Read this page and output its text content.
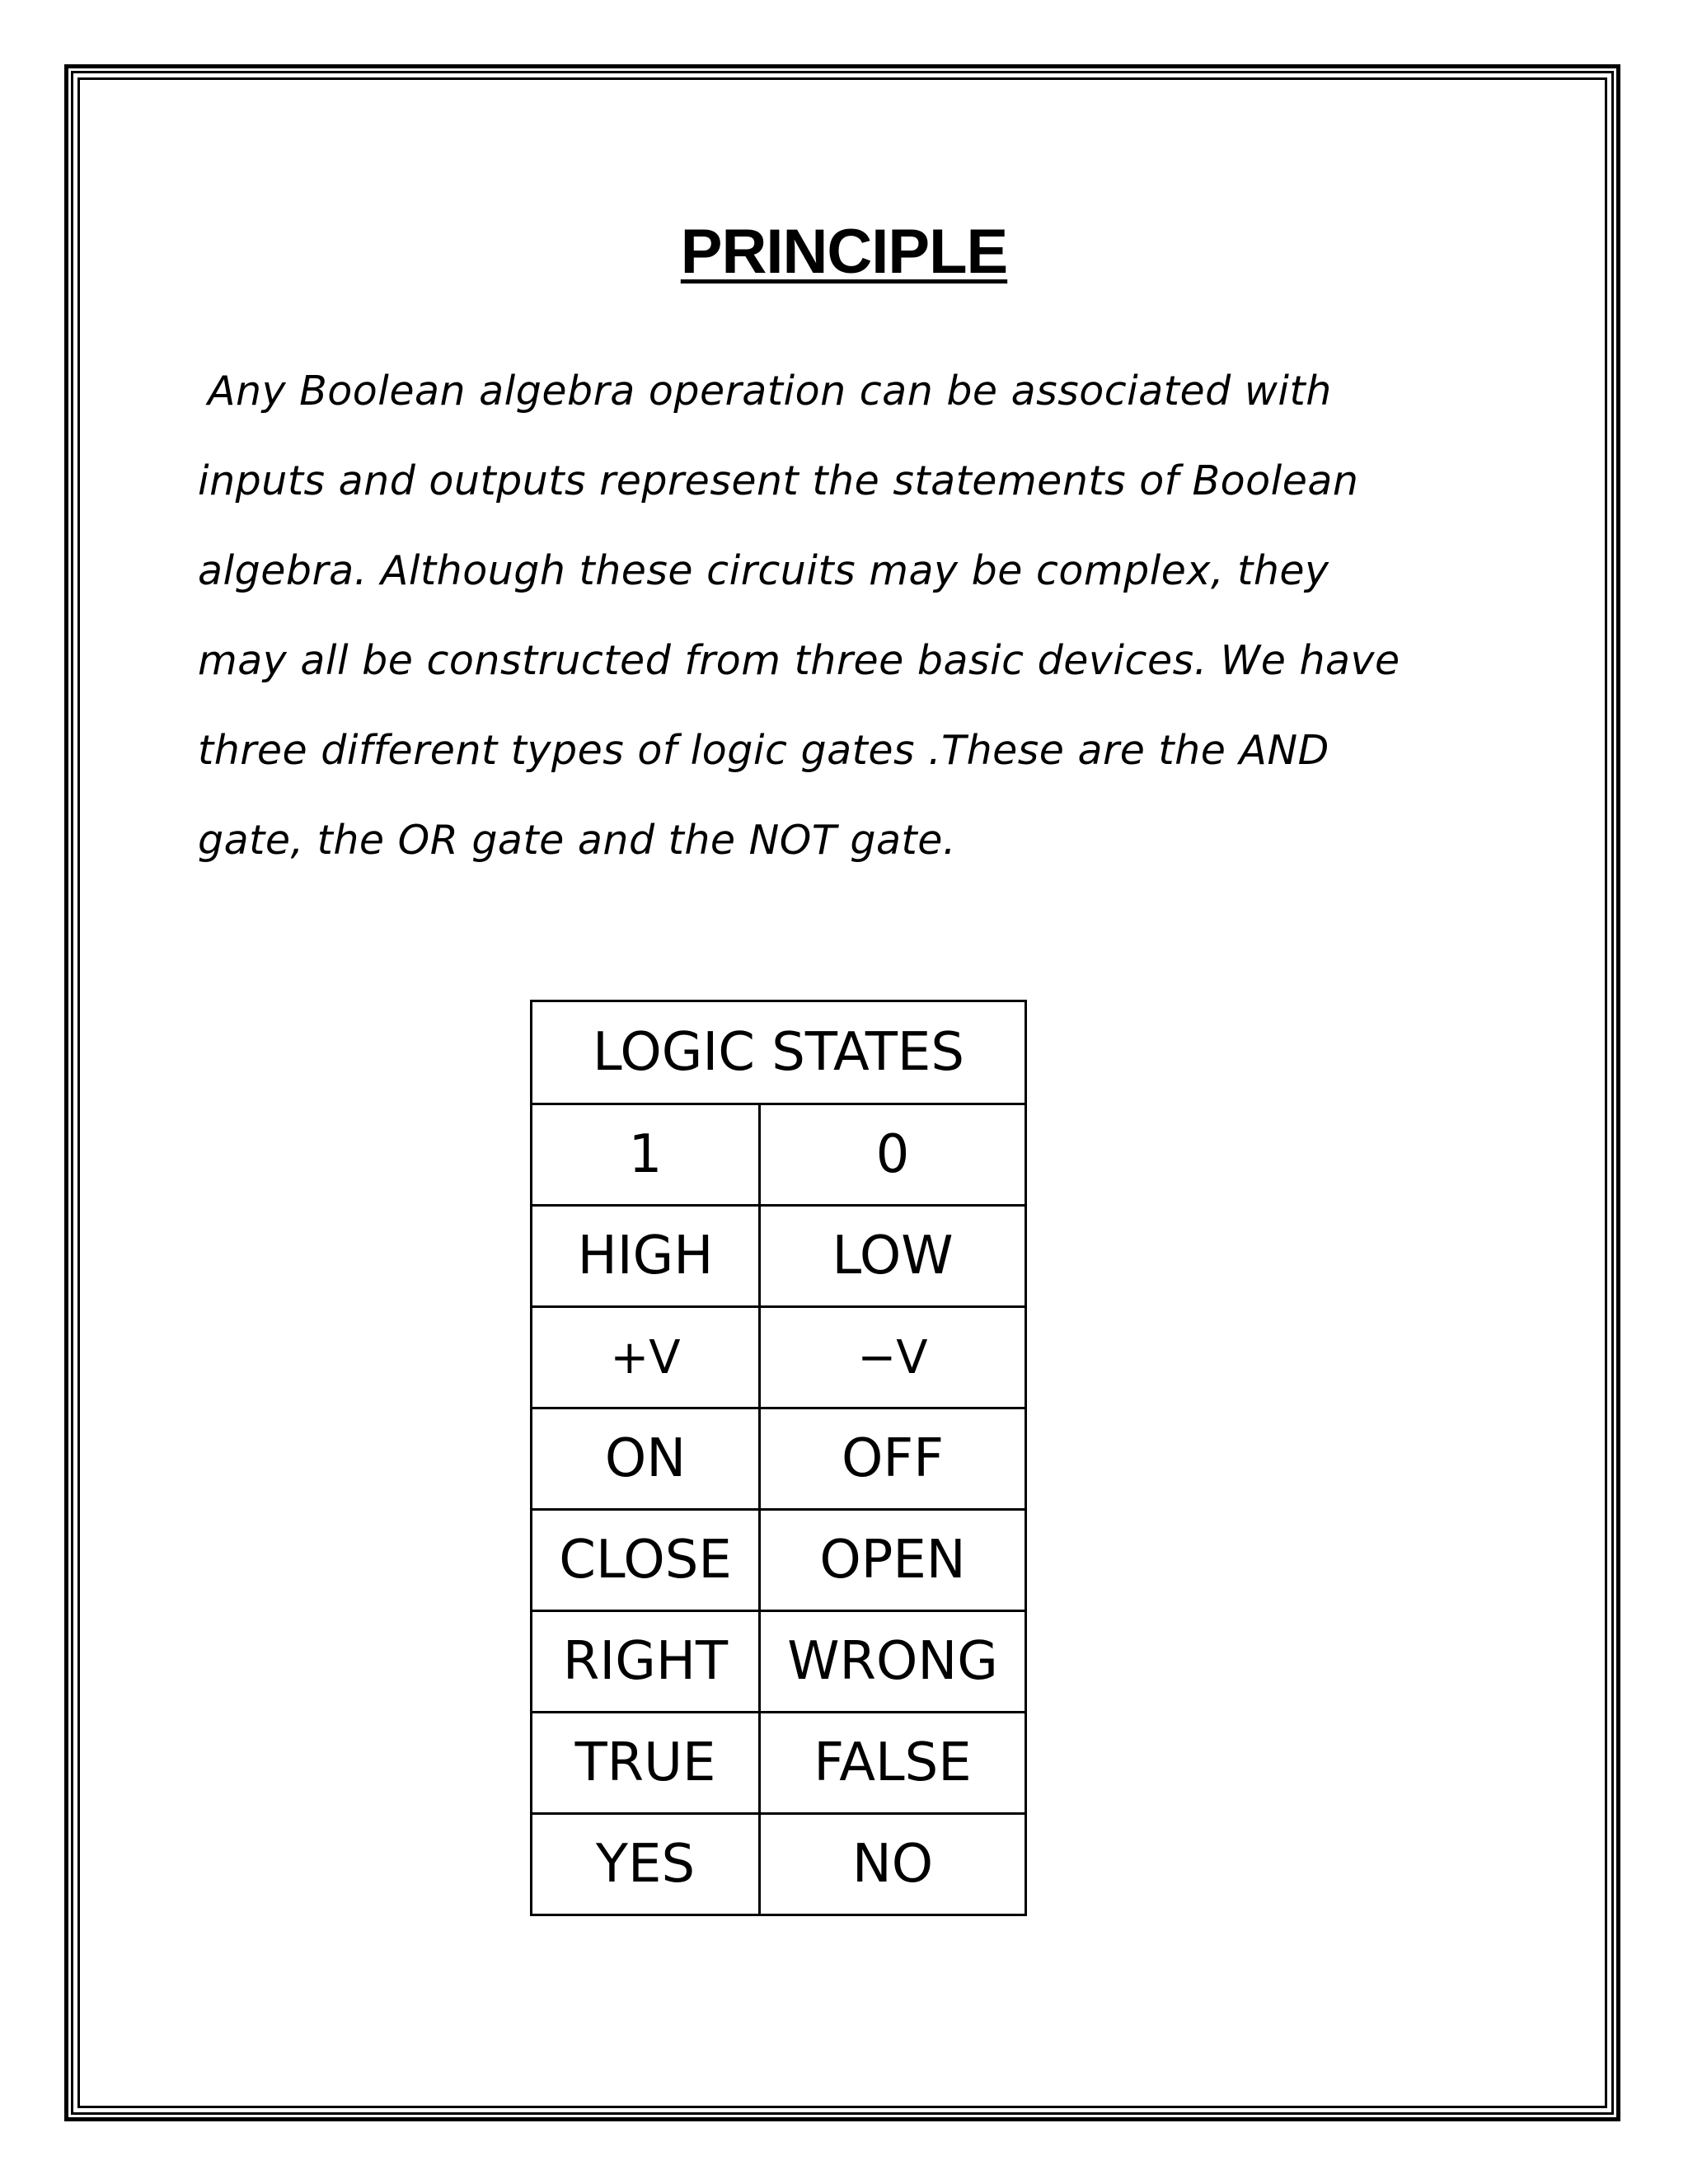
PRINCIPLE
Any Boolean algebra operation can be associated with
inputs and outputs represent the statements of Boolean
algebra. Although these circuits may be complex, they
may all be constructed from three basic devices. We have
three different types of logic gates .These are the AND
gate, the OR gate and the NOT gate.
LOGIC STATES	
1	0
HIGH	LOW
+V	−V
ON	OFF
CLOSE	OPEN
RIGHT	WRONG
TRUE	FALSE
YES	NO
